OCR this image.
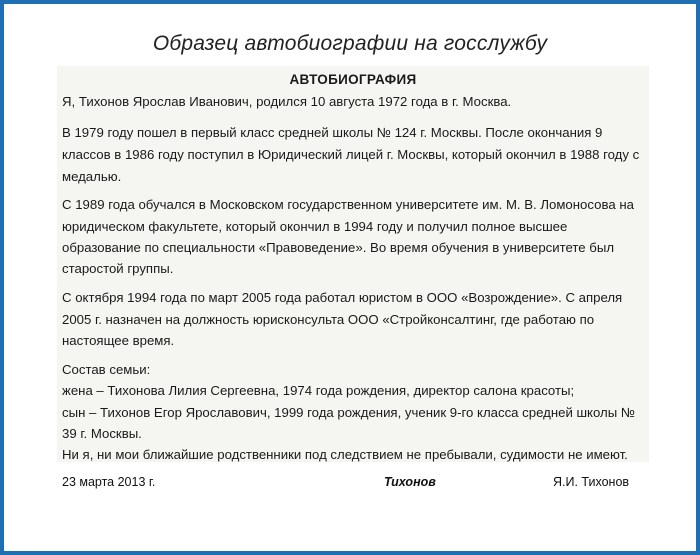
Образец автобиографии на госслужбу
АВТОБИОГРАФИЯ
Я, Тихонов Ярослав Иванович, родился 10 августа 1972 года в г. Москва.
В 1979 году пошел в первый класс средней школы № 124 г. Москвы. После окончания 9
классов в 1986 году поступил в Юридический лицей г. Москвы, который окончил в 1988 году с
медалью.
С 1989 года обучался в Московском государственном университете им. М. В. Ломоносова на
юридическом факультете, который окончил в 1994 году и получил полное высшее
образование по специальности «Правоведение». Во время обучения в университете был
старостой группы.
С октября 1994 года по март 2005 года работал юристом в ООО «Возрождение». С апреля
2005 г. назначен на должность юрисконсульта ООО «Стройконсалтинг, где работаю по
настоящее время.
Состав семьи:
жена – Тихонова Лилия Сергеевна, 1974 года рождения, директор салона красоты;
сын – Тихонов Егор Ярославович, 1999 года рождения, ученик 9-го класса средней школы №
39 г. Москвы.
Ни я, ни мои ближайшие родственники под следствием не пребывали, судимости не имеют.
23 марта 2013 г.	Тихонов	Я.И. Тихонов
